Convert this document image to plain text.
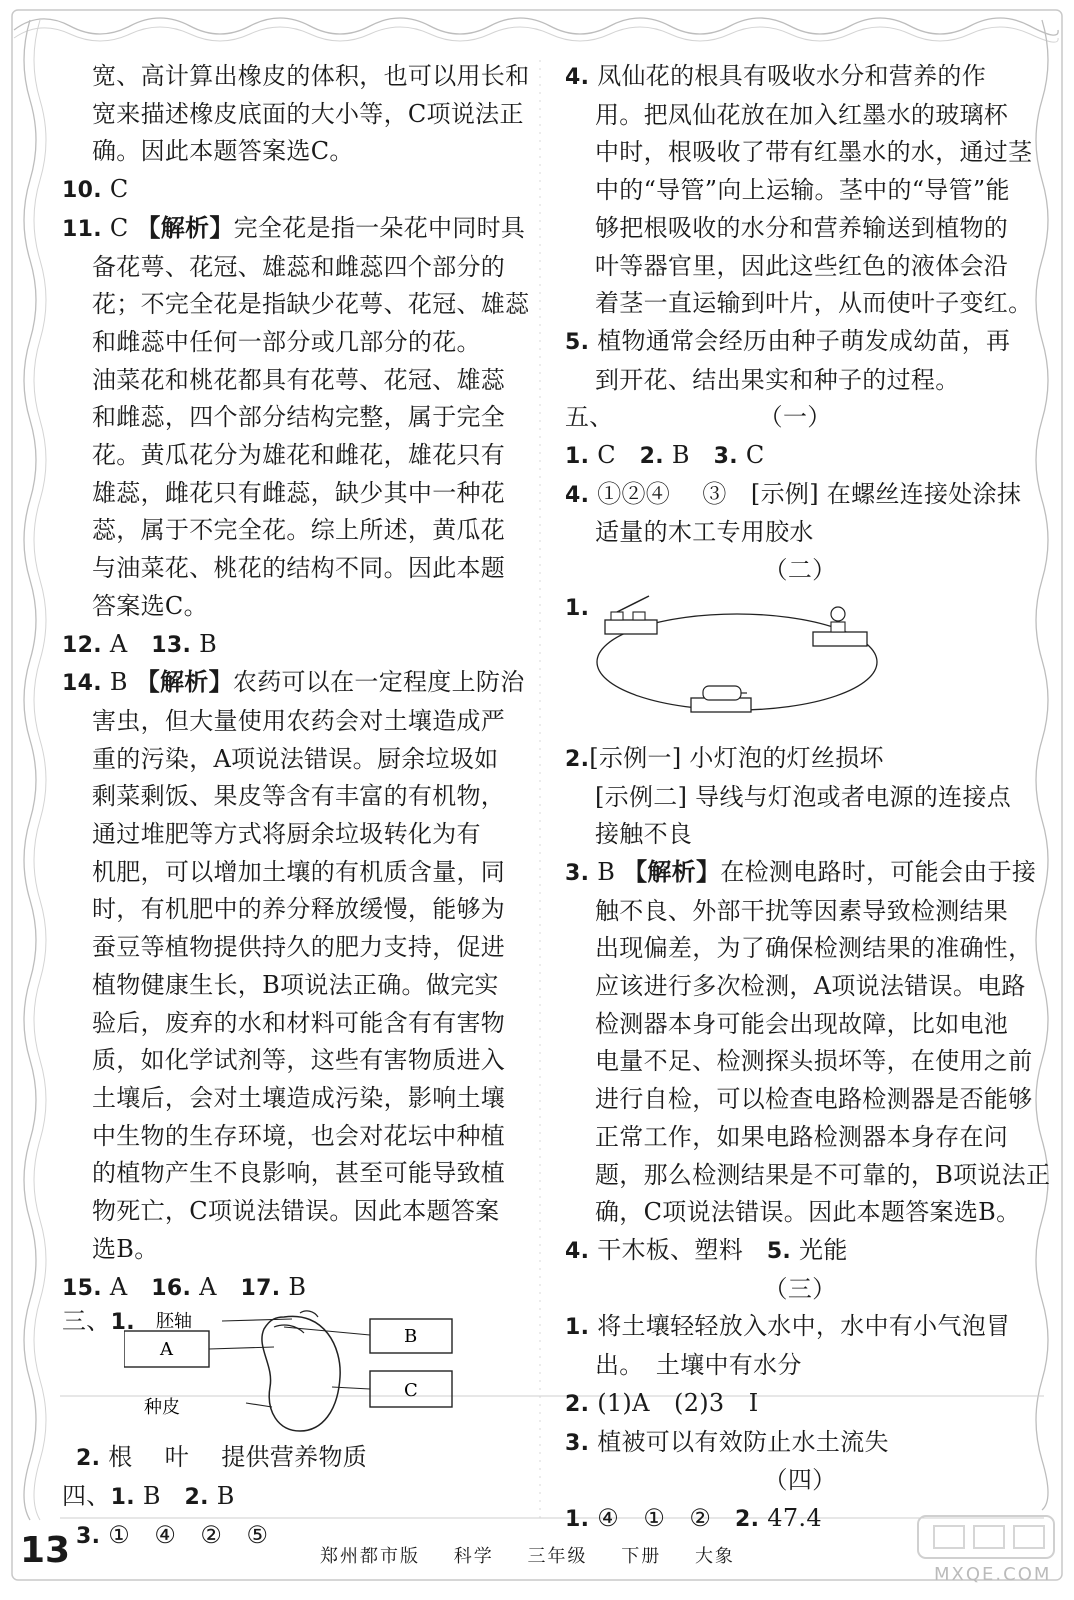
宽、高计算出橡皮的体积，也可以用长和

宽来描述橡皮底面的大小等，C项说法正

确。因此本题答案选C。

10. C

11. C 【解析】完全花是指一朵花中同时具

备花萼、花冠、雄蕊和雌蕊四个部分的

花；不完全花是指缺少花萼、花冠、雄蕊

和雌蕊中任何一部分或几部分的花。

油菜花和桃花都具有花萼、花冠、雄蕊

和雌蕊，四个部分结构完整，属于完全

花。黄瓜花分为雄花和雌花，雄花只有

雄蕊，雌花只有雌蕊，缺少其中一种花

蕊，属于不完全花。综上所述，黄瓜花

与油菜花、桃花的结构不同。因此本题

答案选C。

12. A 13. B

14. B 【解析】农药可以在一定程度上防治

害虫，但大量使用农药会对土壤造成严

重的污染，A项说法错误。厨余垃圾如

剩菜剩饭、果皮等含有丰富的有机物，

通过堆肥等方式将厨余垃圾转化为有

机肥，可以增加土壤的有机质含量，同

时，有机肥中的养分释放缓慢，能够为

蚕豆等植物提供持久的肥力支持，促进

植物健康生长，B项说法正确。做完实

验后，废弃的水和材料可能含有有害物

质，如化学试剂等，这些有害物质进入

土壤后，会对土壤造成污染，影响土壤

中生物的生存环境，也会对花坛中种植

的植物产生不良影响，甚至可能导致植

物死亡，C项说法错误。因此本题答案

选B。

15. A 16. A 17. B

三、1.
A
B
C
胚轴
种皮

2. 根　 叶　 提供营养物质

四、1. B 2. B

3. ①　④　②　⑤

4. 凤仙花的根具有吸收水分和营养的作

用。把凤仙花放在加入红墨水的玻璃杯

中时，根吸收了带有红墨水的水，通过茎

中的“导管”向上运输。茎中的“导管”能

够把根吸收的水分和营养输送到植物的

叶等器官里，因此这些红色的液体会沿

着茎一直运输到叶片，从而使叶子变红。

5. 植物通常会经历由种子萌发成幼苗，再

到开花、结出果实和种子的过程。

五、	（一）

1. C 2. B 3. C

4. ①②④　 ③　[示例] 在螺丝连接处涂抹

适量的木工专用胶水

（二）

1.

2.[示例一] 小灯泡的灯丝损坏

[示例二] 导线与灯泡或者电源的连接点

接触不良

3. B 【解析】在检测电路时，可能会由于接

触不良、外部干扰等因素导致检测结果

出现偏差，为了确保检测结果的准确性，

应该进行多次检测，A项说法错误。电路

检测器本身可能会出现故障，比如电池

电量不足、检测探头损坏等，在使用之前

进行自检，可以检查电路检测器是否能够

正常工作，如果电路检测器本身存在问

题，那么检测结果是不可靠的，B项说法正

确，C项说法错误。因此本题答案选B。

4. 干木板、塑料 5. 光能

（三）

1. 将土壤轻轻放入水中，水中有小气泡冒

出。　土壤中有水分

2. (1)A　(2)3　I

3. 植被可以有效防止水土流失

（四）

1. ④　①　② 2. 47.4

13	郑州都市版 科学 三年级 下册 大象
MXQE.COM
